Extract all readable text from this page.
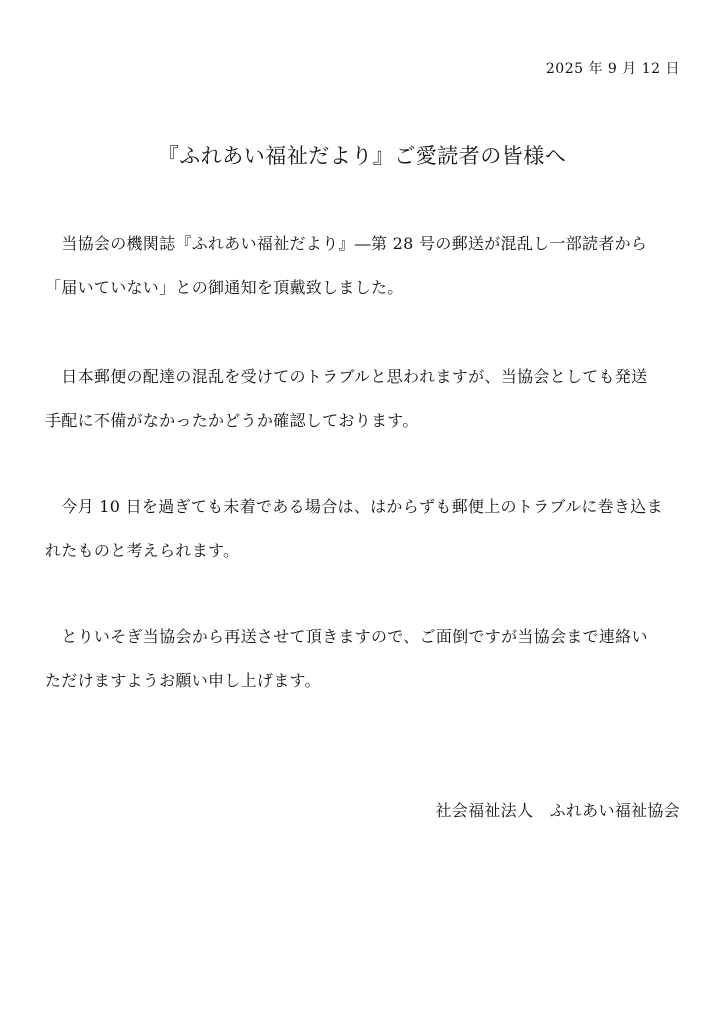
2025 年 9 月 12 日
『ふれあい福祉だより』ご愛読者の皆様へ

　当協会の機関誌『ふれあい福祉だより』―第 28 号の郵送が混乱し一部読者から
「届いていない」との御通知を頂戴致しました。

　日本郵便の配達の混乱を受けてのトラブルと思われますが、当協会としても発送
手配に不備がなかったかどうか確認しております。

　今月 10 日を過ぎても未着である場合は、はからずも郵便上のトラブルに巻き込ま
れたものと考えられます。

　とりいそぎ当協会から再送させて頂きますので、ご面倒ですが当協会まで連絡い
ただけますようお願い申し上げます。

社会福祉法人　ふれあい福祉協会
